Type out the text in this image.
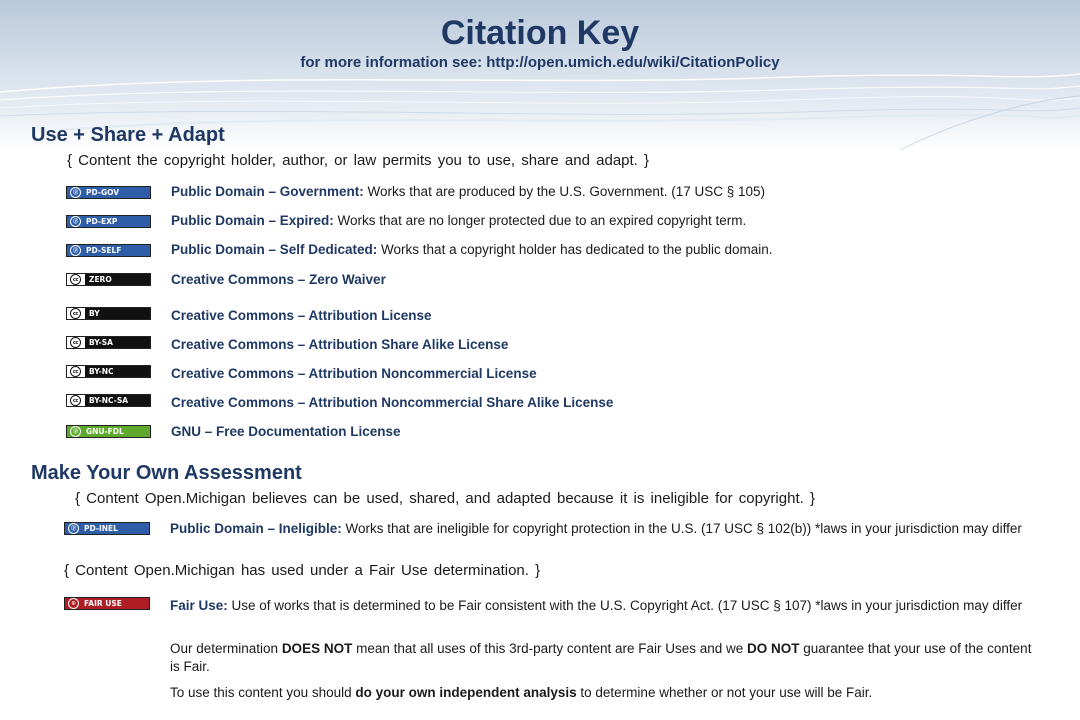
Citation Key
for more information see: http://open.umich.edu/wiki/CitationPolicy
Use + Share + Adapt
{ Content the copyright holder, author, or law permits you to use, share and adapt. }
ⓟ	PD-GOV	Public Domain – Government: Works that are produced by the U.S. Government. (17 USC § 105)
ⓟ	PD-EXP	Public Domain – Expired: Works that are no longer protected due to an expired copyright term.
ⓟ	PD-SELF	Public Domain – Self Dedicated: Works that a copyright holder has dedicated to the public domain.
cc	ZERO	Creative Commons – Zero Waiver
cc	BY	Creative Commons – Attribution License
cc	BY-SA	Creative Commons – Attribution Share Alike License
cc	BY-NC	Creative Commons – Attribution Noncommercial License
cc	BY-NC-SA	Creative Commons – Attribution Noncommercial Share Alike License
ⓟ	GNU-FDL	GNU – Free Documentation License
Make Your Own Assessment
{ Content Open.Michigan believes can be used, shared, and adapted because it is ineligible for copyright. }
ⓟ	PD-INEL	Public Domain – Ineligible: Works that are ineligible for copyright protection in the U.S. (17 USC § 102(b)) *laws in your jurisdiction may differ
{ Content Open.Michigan has used under a Fair Use determination. }
©	FAIR USE	Fair Use: Use of works that is determined to be Fair consistent with the U.S. Copyright Act. (17 USC § 107) *laws in your jurisdiction may differ
Our determination DOES NOT mean that all uses of this 3rd-party content are Fair Uses and we DO NOT guarantee that your use of the content is Fair.
To use this content you should do your own independent analysis to determine whether or not your use will be Fair.
